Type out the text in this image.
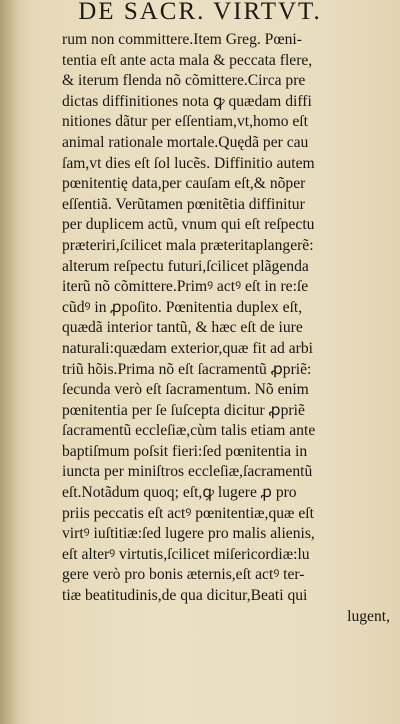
DE SACR. VIRTVT.
rum non committere.Item Greg. Pœni-
tentia eſt ante acta mala & peccata flere,
& iterum flenda nõ cõmittere.Circa pre
dictas diffinitiones nota ꝙ quædam diffi
nitiones dãtur per eſſentiam,vt,homo eſt
animal rationale mortale.Quędã per cau
ſam,vt dies eſt ſol lucẽs. Diffinitio autem
pœnitentię data,per cauſam eſt,& nõper
eſſentiã. Verũtamen pœnitẽtia diffinitur
per duplicem actũ, vnum qui eſt reſpectu
præteriri,ſcilicet mala præteritaplangerẽ:
alterum reſpectu futuri,ſcilicet plãgenda
iterũ nõ cõmittere.Primꝰ actꝰ eſt in re:ſe
cũdꝰ in ꝓpoſito. Pœnitentia duplex eſt,
quædã interior tantũ, & hæc eſt de iure
naturali:quædam exterior,quæ fit ad arbi
triũ hõis.Prima nõ eſt ſacramentũ ꝓpriẽ:
ſecunda verò eſt ſacramentum. Nõ enim
pœnitentia per ſe ſuſcepta dicitur ꝓpriẽ
ſacramentũ eccleſiæ,cùm talis etiam ante
baptiſmum poſsit fieri:ſed pœnitentia in
iuncta per miniſtros eccleſiæ,ſacramentũ
eſt.Notãdum quoq; eſt,ꝙ lugere ꝓ pro
priis peccatis eſt actꝰ pœnitentiæ,quæ eſt
virtꝰ iuſtitiæ:ſed lugere pro malis alienis,
eſt alterꝰ virtutis,ſcilicet miſericordiæ:lu
gere verò pro bonis æternis,eſt actꝰ ter-
tiæ beatitudinis,de qua dicitur,Beati qui
lugent,
